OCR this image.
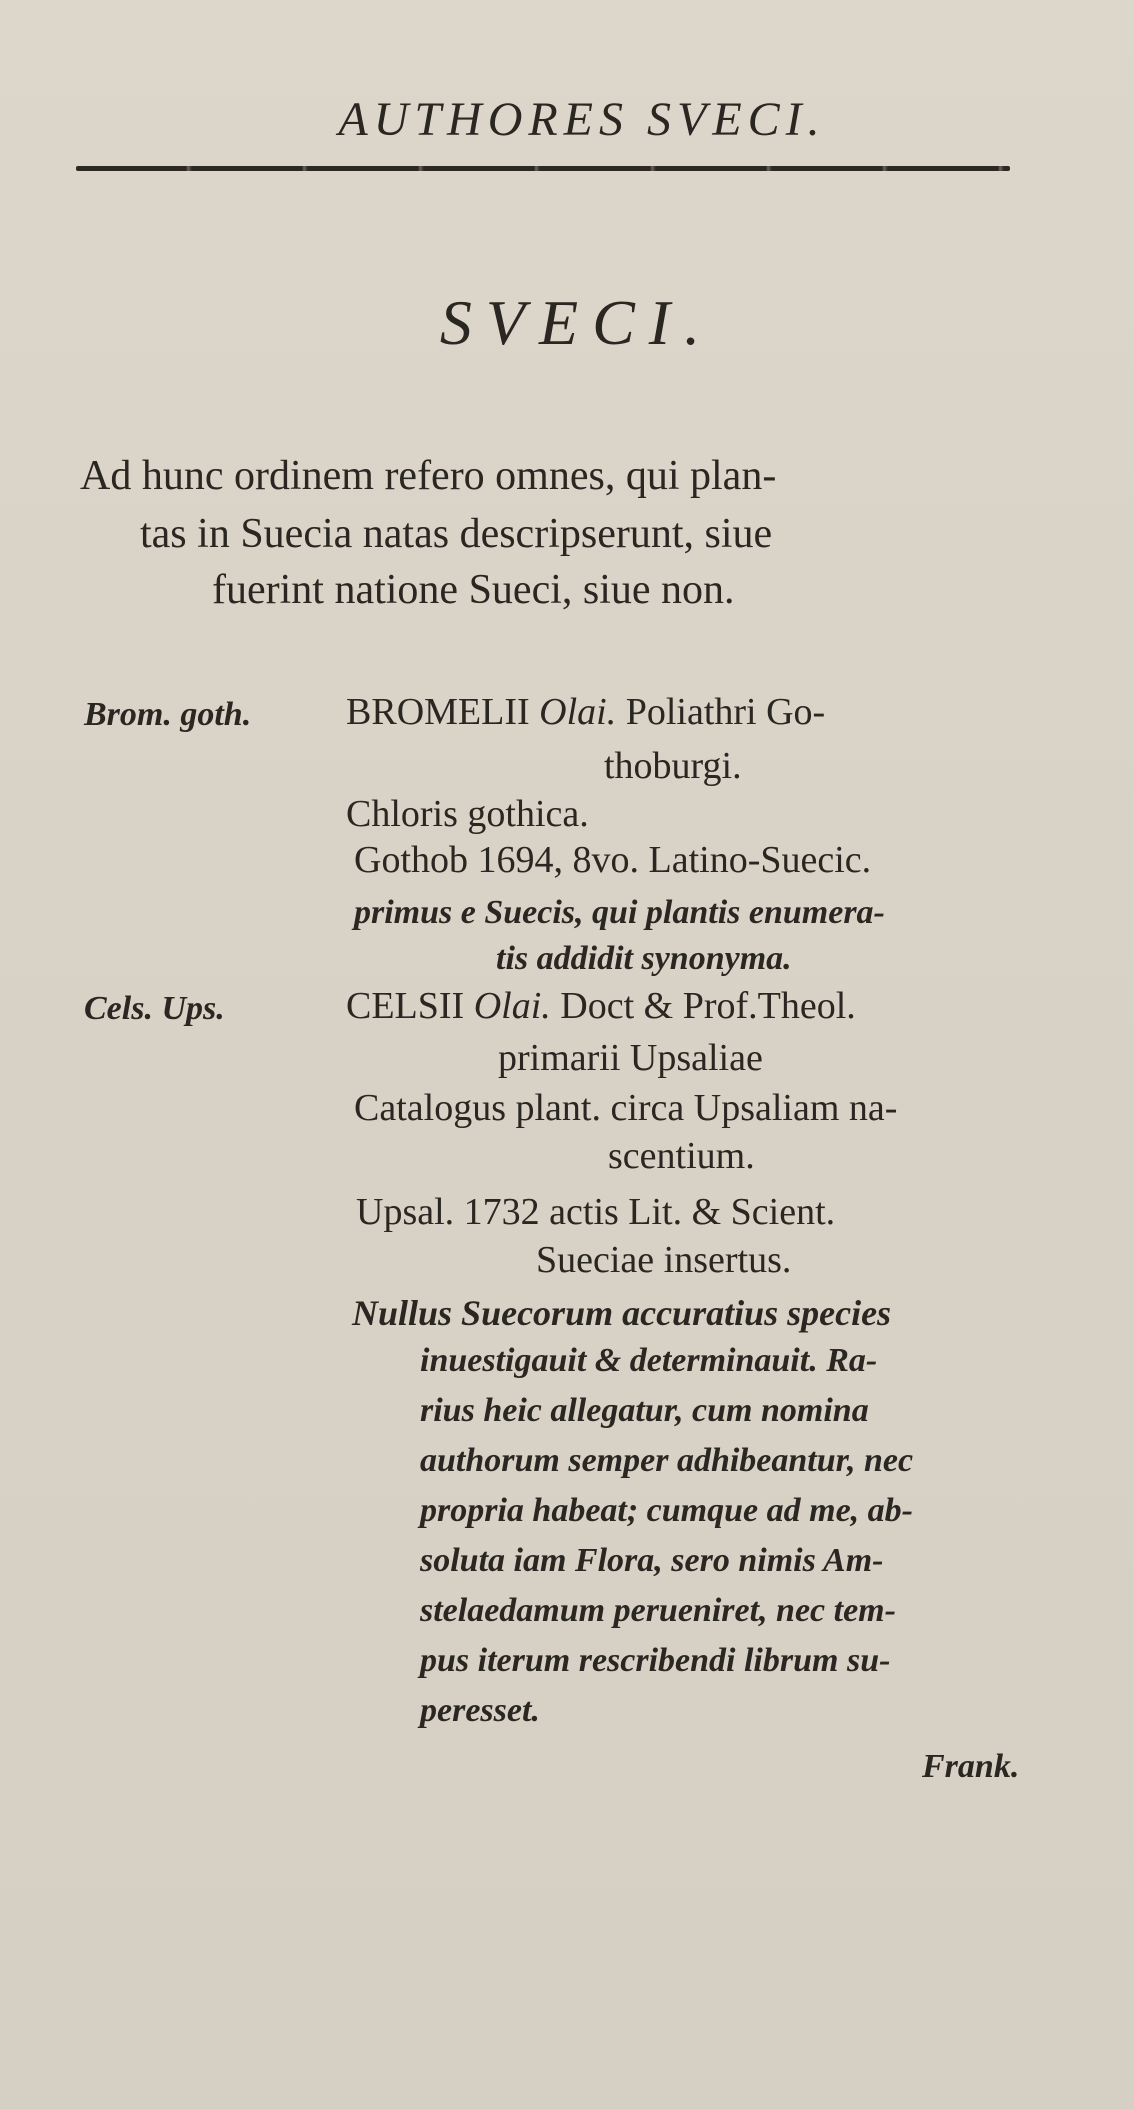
AUTHORES SVECI.
SVECI.
Ad hunc ordinem refero omnes, qui plan-
tas in Suecia natas descripserunt, siue
fuerint natione Sueci, siue non.
Brom. goth. BROMELII Olai. Poliathri Go-
thoburgi.
Chloris gothica.
Gothob 1694, 8vo. Latino-Suecic.
primus e Suecis, qui plantis enumera-
tis addidit synonyma.
Cels. Ups.	CELSII Olai. Doct & Prof.Theol.
primarii Upsaliae
Catalogus plant. circa Upsaliam na-
scentium.
Upsal. 1732 actis Lit. & Scient.
Sueciae insertus.
Nullus Suecorum accuratius species
inuestigauit & determinauit. Ra-
rius heic allegatur, cum nomina
authorum semper adhibeantur, nec
propria habeat; cumque ad me, ab-
soluta iam Flora, sero nimis Am-
stelaedamum perueniret, nec tem-
pus iterum rescribendi librum su-
peresset.
Frank.
